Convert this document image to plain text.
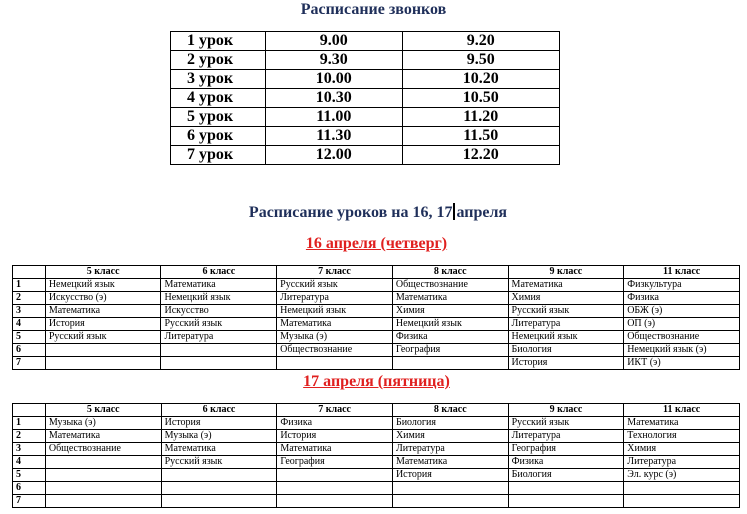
Расписание звонков
1 урок	9.00	9.20
2 урок	9.30	9.50
3 урок	10.00	10.20
4 урок	10.30	10.50
5 урок	11.00	11.20
6 урок	11.30	11.50
7 урок	12.00	12.20
Расписание уроков на 16, 17 апреля
16 апреля (четверг)
	5 класс	6 класс	7 класс	8 класс	9 класс	11 класс
1	Немецкий язык	Математика	Русский язык	Обществознание	Математика	Физкультура
2	Искусство (э)	Немецкий язык	Литература	Математика	Химия	Физика
3	Математика	Искусство	Немецкий язык	Химия	Русский язык	ОБЖ (э)
4	История	Русский язык	Математика	Немецкий язык	Литература	ОП (э)
5	Русский язык	Литература	Музыка (э)	Физика	Немецкий язык	Обществознание
6			Обществознание	География	Биология	Немецкий язык (э)
7					История	ИКТ (э)
17 апреля (пятница)
	5 класс	6 класс	7 класс	8 класс	9 класс	11 класс
1	Музыка (э)	История	Физика	Биология	Русский язык	Математика
2	Математика	Музыка (э)	История	Химия	Литература	Технология
3	Обществознание	Математика	Математика	Литература	География	Химия
4		Русский язык	География	Математика	Физика	Литература
5				История	Биология	Эл. курс (э)
6						
7						
